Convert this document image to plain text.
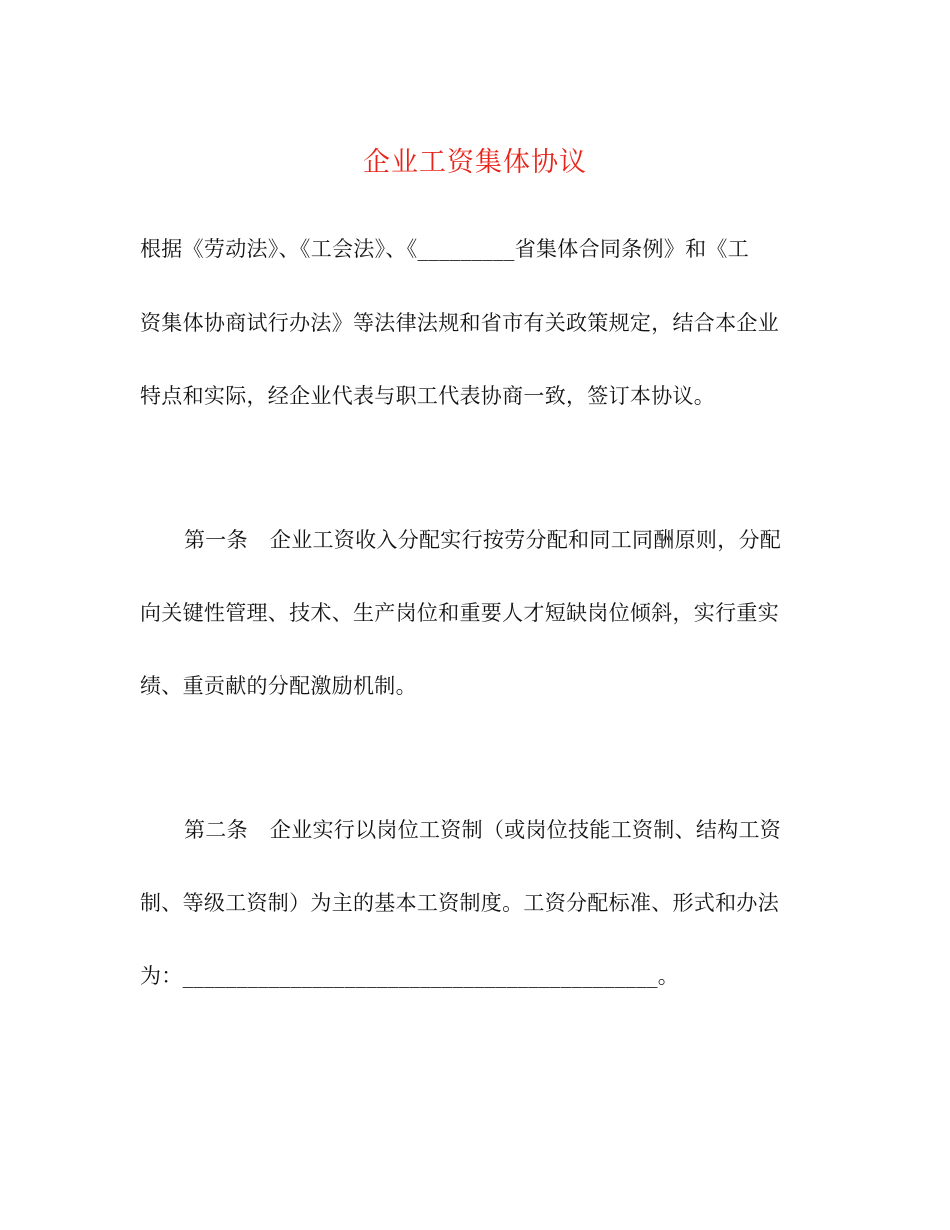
企业工资集体协议
根据《劳动法》、《工会法》、《_________省集体合同条例》和《工
资集体协商试行办法》等法律法规和省市有关政策规定，结合本企业
特点和实际，经企业代表与职工代表协商一致，签订本协议。
第一条 企业工资收入分配实行按劳分配和同工同酬原则，分配
向关键性管理、技术、生产岗位和重要人才短缺岗位倾斜，实行重实
绩、重贡献的分配激励机制。
第二条 企业实行以岗位工资制（或岗位技能工资制、结构工资
制、等级工资制）为主的基本工资制度。工资分配标准、形式和办法
为：____________________________________________。
